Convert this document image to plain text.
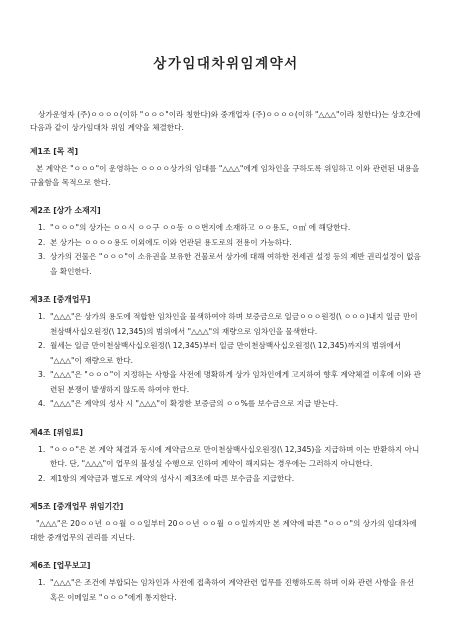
상가임대차위임계약서

상가운영자 (주)ㅇㅇㅇㅇ(이하 "ㅇㅇㅇ"이라 칭한다)와 중개업자 (주)ㅇㅇㅇㅇ(이하 "△△△"이라 칭한다)는 상호간에 다음과 같이 상가임대차 위임 계약을 체결한다.

제1조 [목 적]
본 계약은 "ㅇㅇㅇ"이 운영하는 ㅇㅇㅇㅇ상가의 임대를 "△△△"에게 임차인을 구하도록 위임하고 이와 관련된 내용을 규율함을 목적으로 한다.
제2조 [상가 소재지]
1. "ㅇㅇㅇ"의 상가는 ㅇㅇ시 ㅇㅇ구 ㅇㅇ동 ㅇㅇ번지에 소재하고 ㅇㅇ용도, ㅇ㎡ 에 해당한다.
2. 본 상가는 ㅇㅇㅇㅇ용도 이외에도 이와 연관된 용도로의 전용이 가능하다.
3. 상가의 건물은 "ㅇㅇㅇ"이 소유권을 보유한 건물로서 상가에 대해 여하한 전세권 설정 등의 제반 권리설정이 없음을 확인한다.
제3조 [중개업무]
1. "△△△"은 상가의 용도에 적합한 임차인을 물색하여야 하며 보증금으로 일금ㅇㅇㅇ원정(\ ㅇㅇㅇ)내지 일금 만이천삼백사십오원정(\ 12,345)의 범위에서 "△△△"의 재량으로 임차인을 물색한다.
2. 월세는 일금 만이천삼백사십오원정(\ 12,345)부터 일금 만이천삼백사십오원정(\ 12,345)까지의 범위에서 "△△△"이 재량으로 한다.
3. "△△△"은 "ㅇㅇㅇ"이 지정하는 사항을 사전에 명확하게 상가 임차인에게 고지하여 향후 계약체결 이후에 이와 관련된 분쟁이 발생하지 않도록 하여야 한다.
4. "△△△"은 계약의 성사 시 "△△△"이 확정한 보증금의 ㅇㅇ%를 보수금으로 지급 받는다.
제4조 [위임료]
1. "ㅇㅇㅇ"은 본 계약 체결과 동시에 계약금으로 만이천삼백사십오원정(\ 12,345)을 지급하며 이는 반환하지 아니한다. 단, "△△△"이 업무의 불성실 수행으로 인하여 계약이 해지되는 경우에는 그러하지 아니한다.
2. 제1항의 계약금과 별도로 계약의 성사시 제3조에 따른 보수금을 지급한다.
제5조 [중개업무 위임기간]
"△△△"은 20ㅇㅇ년 ㅇㅇ월 ㅇㅇ일부터 20ㅇㅇ년 ㅇㅇ월 ㅇㅇ일까지만 본 계약에 따른 "ㅇㅇㅇ"의 상가의 임대차에 대한 중개업무의 권리를 지닌다.
제6조 [업무보고]
1. "△△△"은 조건에 부합되는 임차인과 사전에 접촉하여 계약관련 업무를 진행하도록 하며 이와 관련 사항을 유선 혹은 이메일로 "ㅇㅇㅇ"에게 통지한다.
